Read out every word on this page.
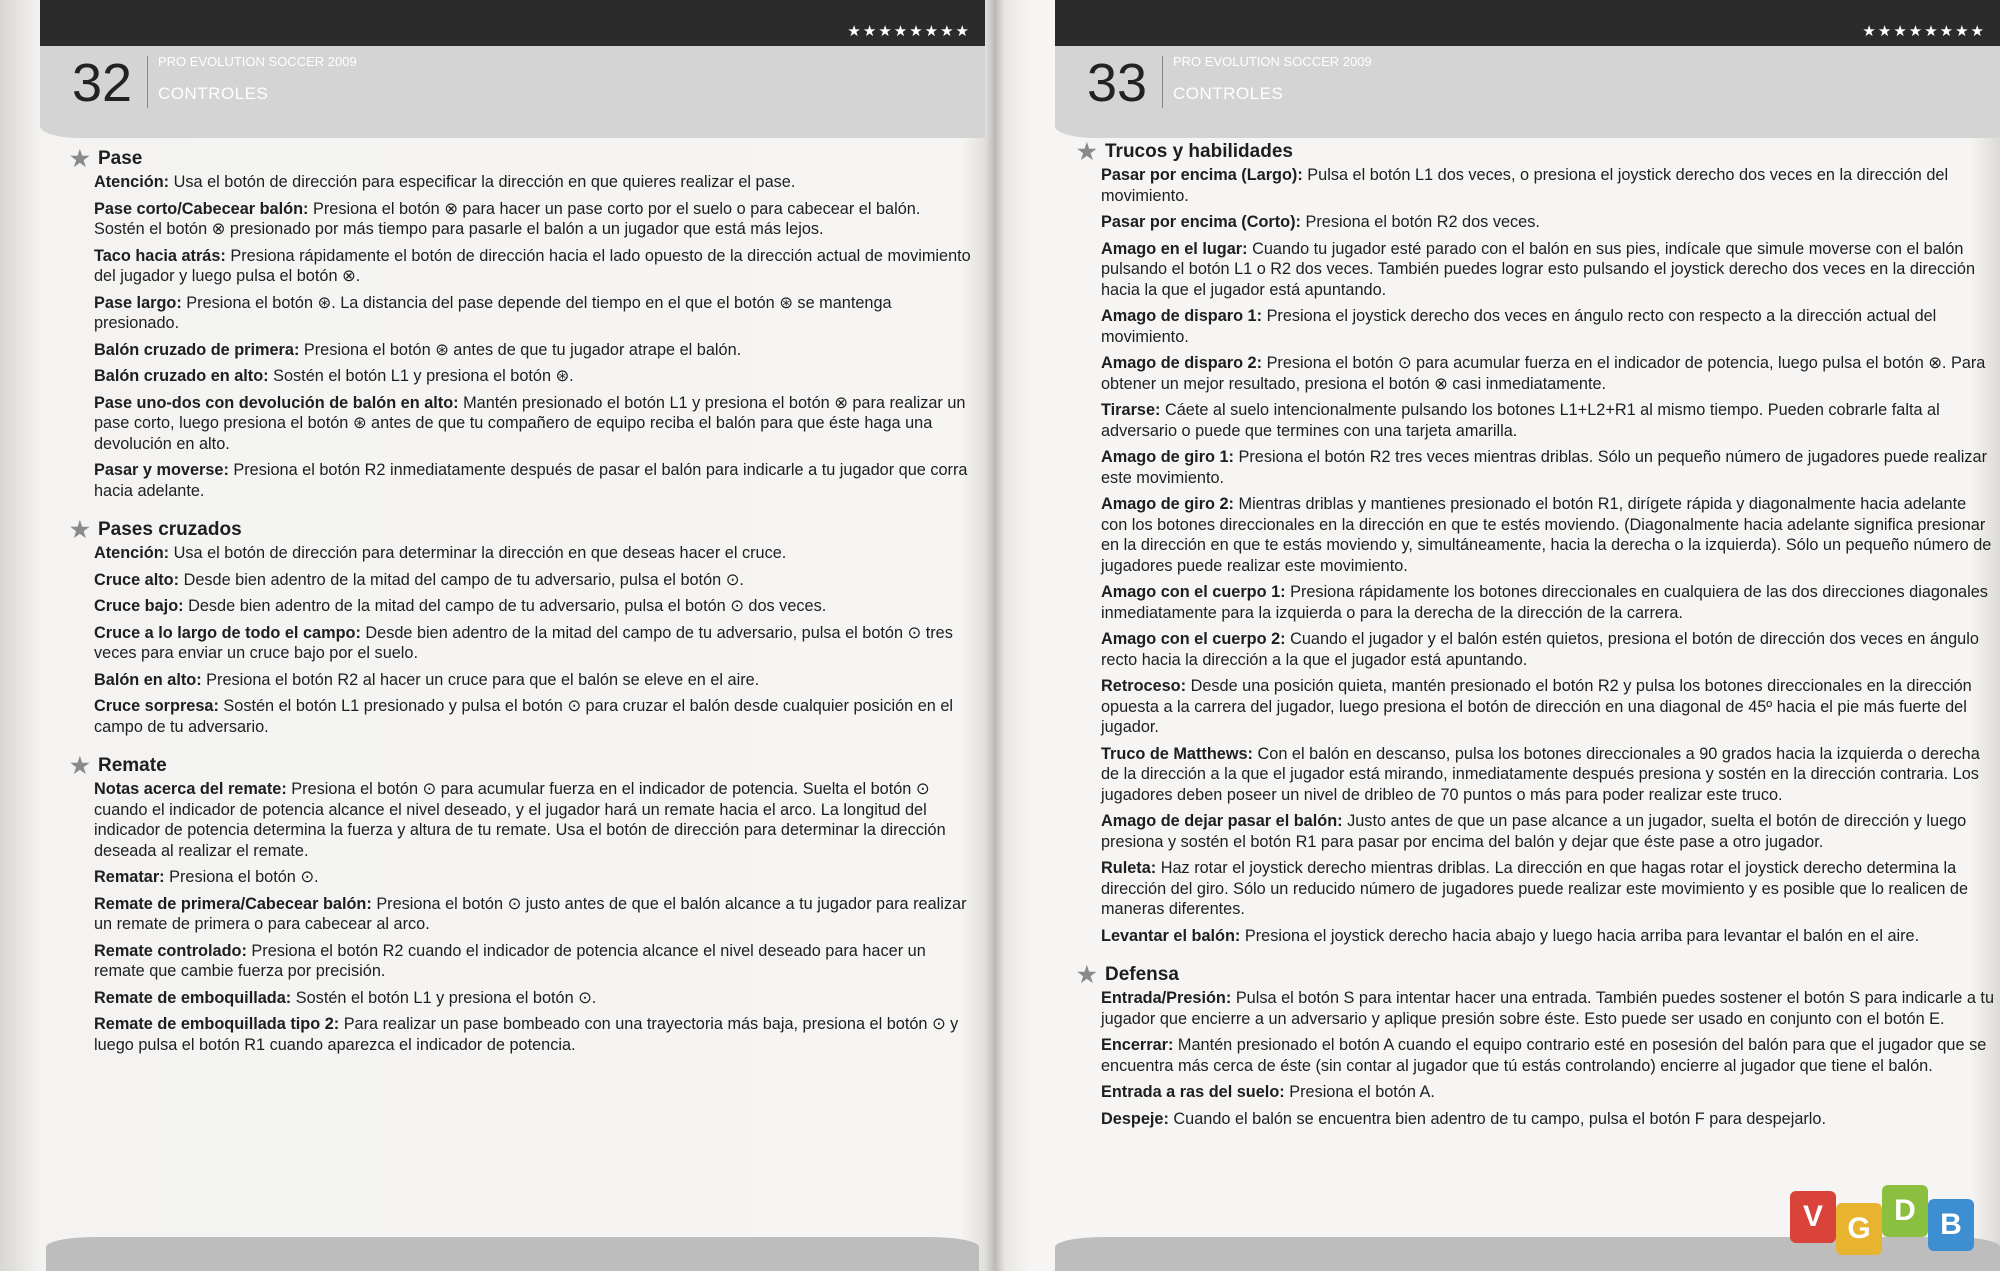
★★★★★★★★
32 PRO EVOLUTION SOCCER 2009
CONTROLES
★ Pase
Atención: Usa el botón de dirección para especificar la dirección en que quieres realizar el pase.
Pase corto/Cabecear balón: Presiona el botón ⊗ para hacer un pase corto por el suelo o para cabecear el balón. Sostén el botón ⊗ presionado por más tiempo para pasarle el balón a un jugador que está más lejos.
Taco hacia atrás: Presiona rápidamente el botón de dirección hacia el lado opuesto de la dirección actual de movimiento del jugador y luego pulsa el botón ⊗.
Pase largo: Presiona el botón ⊛. La distancia del pase depende del tiempo en el que el botón ⊛ se mantenga presionado.
Balón cruzado de primera: Presiona el botón ⊛ antes de que tu jugador atrape el balón.
Balón cruzado en alto: Sostén el botón L1 y presiona el botón ⊛.
Pase uno-dos con devolución de balón en alto: Mantén presionado el botón L1 y presiona el botón ⊗ para realizar un pase corto, luego presiona el botón ⊛ antes de que tu compañero de equipo reciba el balón para que éste haga una devolución en alto.
Pasar y moverse: Presiona el botón R2 inmediatamente después de pasar el balón para indicarle a tu jugador que corra hacia adelante.
★ Pases cruzados
Atención: Usa el botón de dirección para determinar la dirección en que deseas hacer el cruce.
Cruce alto: Desde bien adentro de la mitad del campo de tu adversario, pulsa el botón ⊙.
Cruce bajo: Desde bien adentro de la mitad del campo de tu adversario, pulsa el botón ⊙ dos veces.
Cruce a lo largo de todo el campo: Desde bien adentro de la mitad del campo de tu adversario, pulsa el botón ⊙ tres veces para enviar un cruce bajo por el suelo.
Balón en alto: Presiona el botón R2 al hacer un cruce para que el balón se eleve en el aire.
Cruce sorpresa: Sostén el botón L1 presionado y pulsa el botón ⊙ para cruzar el balón desde cualquier posición en el campo de tu adversario.
★ Remate
Notas acerca del remate: Presiona el botón ⊙ para acumular fuerza en el indicador de potencia. Suelta el botón ⊙ cuando el indicador de potencia alcance el nivel deseado, y el jugador hará un remate hacia el arco. La longitud del indicador de potencia determina la fuerza y altura de tu remate. Usa el botón de dirección para determinar la dirección deseada al realizar el remate.
Rematar: Presiona el botón ⊙.
Remate de primera/Cabecear balón: Presiona el botón ⊙ justo antes de que el balón alcance a tu jugador para realizar un remate de primera o para cabecear al arco.
Remate controlado: Presiona el botón R2 cuando el indicador de potencia alcance el nivel deseado para hacer un remate que cambie fuerza por precisión.
Remate de emboquillada: Sostén el botón L1 y presiona el botón ⊙.
Remate de emboquillada tipo 2: Para realizar un pase bombeado con una trayectoria más baja, presiona el botón ⊙ y luego pulsa el botón R1 cuando aparezca el indicador de potencia.
★★★★★★★★
33 PRO EVOLUTION SOCCER 2009
CONTROLES
★ Trucos y habilidades
Pasar por encima (Largo): Pulsa el botón L1 dos veces, o presiona el joystick derecho dos veces en la dirección del movimiento.
Pasar por encima (Corto): Presiona el botón R2 dos veces.
Amago en el lugar: Cuando tu jugador esté parado con el balón en sus pies, indícale que simule moverse con el balón pulsando el botón L1 o R2 dos veces. También puedes lograr esto pulsando el joystick derecho dos veces en la dirección hacia la que el jugador está apuntando.
Amago de disparo 1: Presiona el joystick derecho dos veces en ángulo recto con respecto a la dirección actual del movimiento.
Amago de disparo 2: Presiona el botón ⊙ para acumular fuerza en el indicador de potencia, luego pulsa el botón ⊗. Para obtener un mejor resultado, presiona el botón ⊗ casi inmediatamente.
Tirarse: Cáete al suelo intencionalmente pulsando los botones L1+L2+R1 al mismo tiempo. Pueden cobrarle falta al adversario o puede que termines con una tarjeta amarilla.
Amago de giro 1: Presiona el botón R2 tres veces mientras driblas. Sólo un pequeño número de jugadores puede realizar este movimiento.
Amago de giro 2: Mientras driblas y mantienes presionado el botón R1, dirígete rápida y diagonalmente hacia adelante con los botones direccionales en la dirección en que te estés moviendo. (Diagonalmente hacia adelante significa presionar en la dirección en que te estás moviendo y, simultáneamente, hacia la derecha o la izquierda). Sólo un pequeño número de jugadores puede realizar este movimiento.
Amago con el cuerpo 1: Presiona rápidamente los botones direccionales en cualquiera de las dos direcciones diagonales inmediatamente para la izquierda o para la derecha de la dirección de la carrera.
Amago con el cuerpo 2: Cuando el jugador y el balón estén quietos, presiona el botón de dirección dos veces en ángulo recto hacia la dirección a la que el jugador está apuntando.
Retroceso: Desde una posición quieta, mantén presionado el botón R2 y pulsa los botones direccionales en la dirección opuesta a la carrera del jugador, luego presiona el botón de dirección en una diagonal de 45º hacia el pie más fuerte del jugador.
Truco de Matthews: Con el balón en descanso, pulsa los botones direccionales a 90 grados hacia la izquierda o derecha de la dirección a la que el jugador está mirando, inmediatamente después presiona y sostén en la dirección contraria. Los jugadores deben poseer un nivel de dribleo de 70 puntos o más para poder realizar este truco.
Amago de dejar pasar el balón: Justo antes de que un pase alcance a un jugador, suelta el botón de dirección y luego presiona y sostén el botón R1 para pasar por encima del balón y dejar que éste pase a otro jugador.
Ruleta: Haz rotar el joystick derecho mientras driblas. La dirección en que hagas rotar el joystick derecho determina la dirección del giro. Sólo un reducido número de jugadores puede realizar este movimiento y es posible que lo realicen de maneras diferentes.
Levantar el balón: Presiona el joystick derecho hacia abajo y luego hacia arriba para levantar el balón en el aire.
★ Defensa
Entrada/Presión: Pulsa el botón S para intentar hacer una entrada. También puedes sostener el botón S para indicarle a tu jugador que encierre a un adversario y aplique presión sobre éste. Esto puede ser usado en conjunto con el botón E.
Encerrar: Mantén presionado el botón A cuando el equipo contrario esté en posesión del balón para que el jugador que se encuentra más cerca de éste (sin contar al jugador que tú estás controlando) encierre al jugador que tiene el balón.
Entrada a ras del suelo: Presiona el botón A.
Despeje: Cuando el balón se encuentra bien adentro de tu campo, pulsa el botón F para despejarlo.
V G
D B
